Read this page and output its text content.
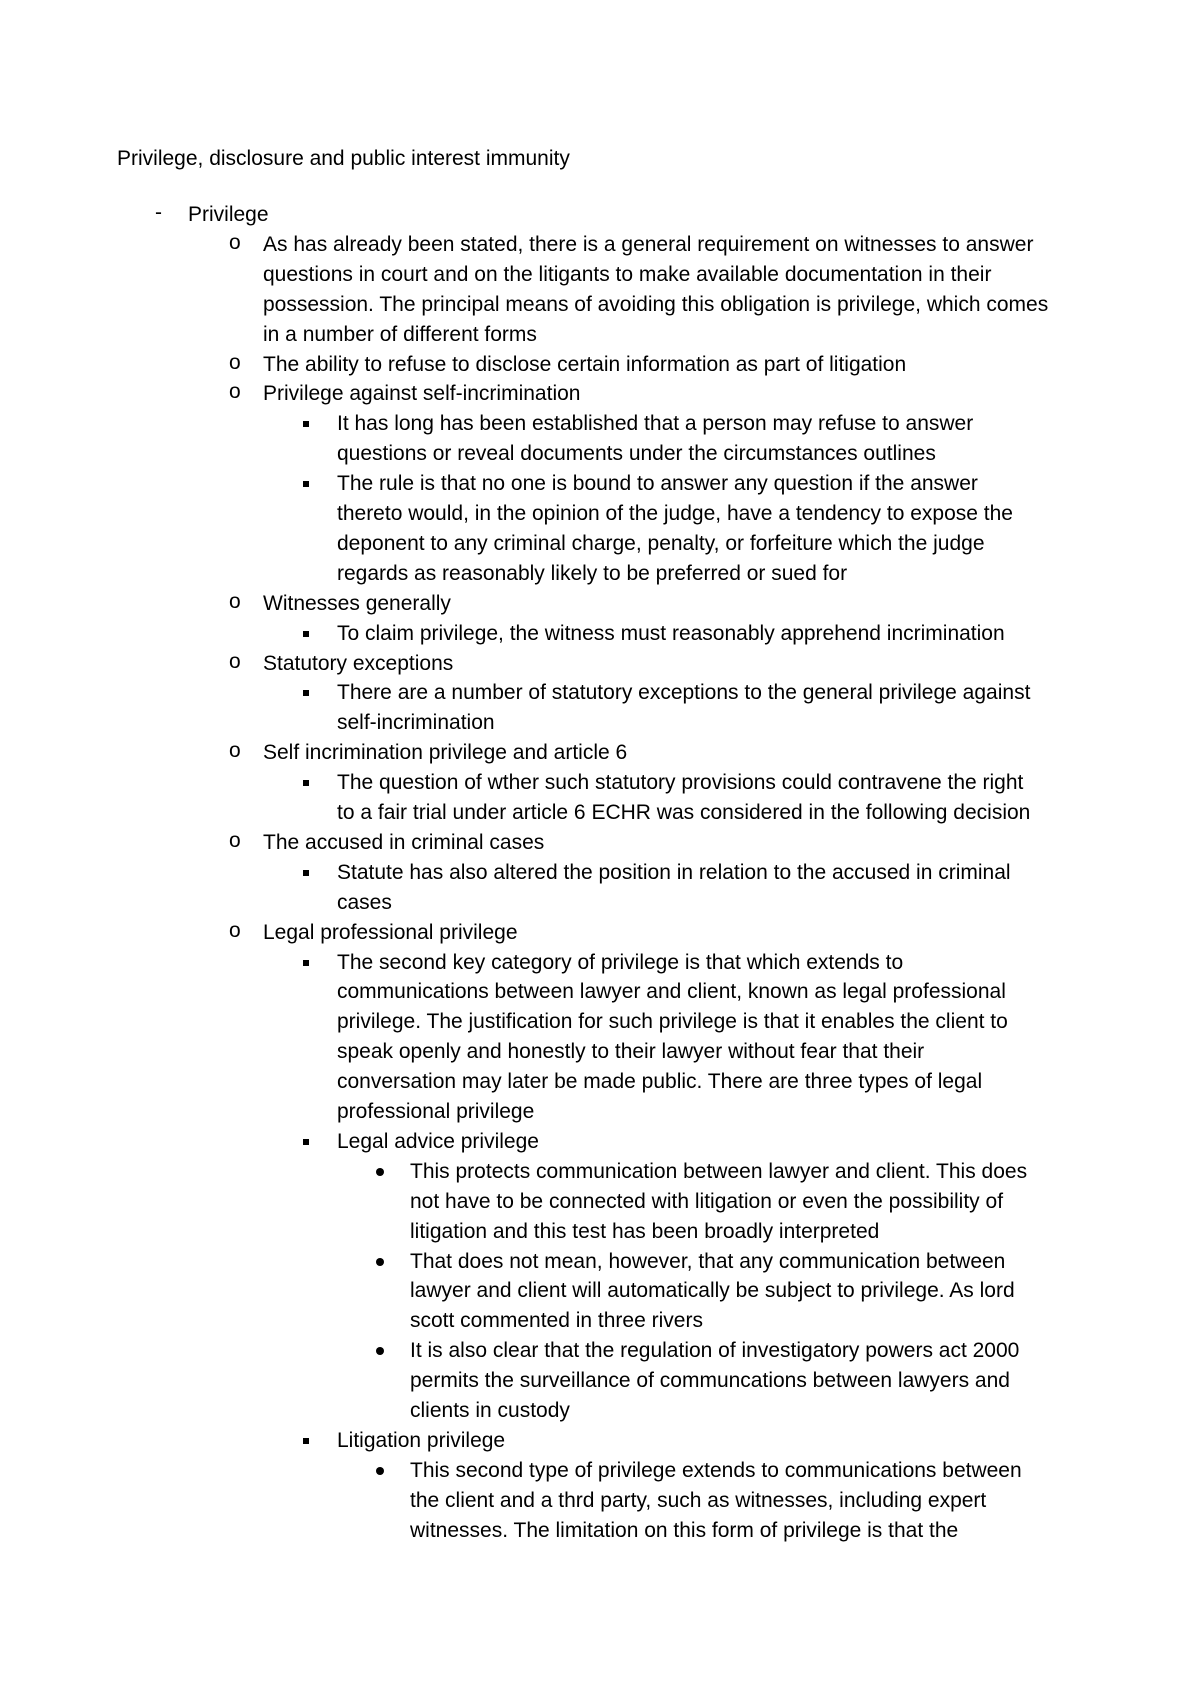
Privilege, disclosure and public interest immunity
- Privilege
o As has already been stated, there is a general requirement on witnesses to answer
questions in court and on the litigants to make available documentation in their
possession. The principal means of avoiding this obligation is privilege, which comes
in a number of different forms
o The ability to refuse to disclose certain information as part of litigation
o Privilege against self-incrimination
It has long has been established that a person may refuse to answer
questions or reveal documents under the circumstances outlines
The rule is that no one is bound to answer any question if the answer
thereto would, in the opinion of the judge, have a tendency to expose the
deponent to any criminal charge, penalty, or forfeiture which the judge
regards as reasonably likely to be preferred or sued for
o Witnesses generally
To claim privilege, the witness must reasonably apprehend incrimination
o Statutory exceptions
There are a number of statutory exceptions to the general privilege against
self-incrimination
o Self incrimination privilege and article 6
The question of wther such statutory provisions could contravene the right
to a fair trial under article 6 ECHR was considered in the following decision
o The accused in criminal cases
Statute has also altered the position in relation to the accused in criminal
cases
o Legal professional privilege
The second key category of privilege is that which extends to
communications between lawyer and client, known as legal professional
privilege. The justification for such privilege is that it enables the client to
speak openly and honestly to their lawyer without fear that their
conversation may later be made public. There are three types of legal
professional privilege
Legal advice privilege
This protects communication between lawyer and client. This does
not have to be connected with litigation or even the possibility of
litigation and this test has been broadly interpreted
That does not mean, however, that any communication between
lawyer and client will automatically be subject to privilege. As lord
scott commented in three rivers
It is also clear that the regulation of investigatory powers act 2000
permits the surveillance of communcations between lawyers and
clients in custody
Litigation privilege
This second type of privilege extends to communications between
the client and a thrd party, such as witnesses, including expert
witnesses. The limitation on this form of privilege is that the
